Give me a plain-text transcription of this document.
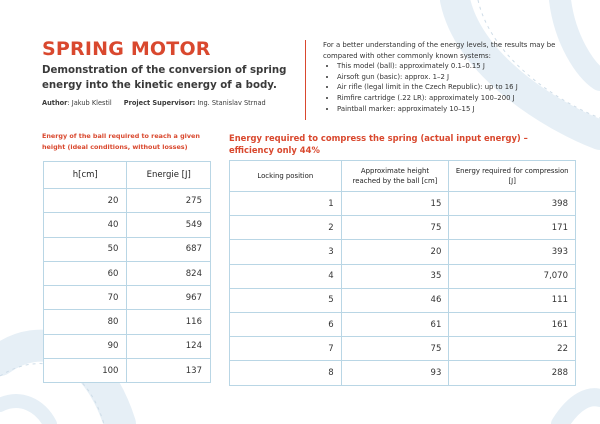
SPRING MOTOR

Demonstration of the conversion of spring energy into the kinetic energy of a body.

Author: Jakub Klestil Project Supervisor: Ing. Stanislav Strnad

For a better understanding of the energy levels, the results may be compared with other commonly known systems:

• This model (ball): approximately 0.1–0.15 J
• Airsoft gun (basic): approx. 1–2 J
• Air rifle (legal limit in the Czech Republic): up to 16 J
• Rimfire cartridge (.22 LR): approximately 100–200 J
• Paintball marker: approximately 10–15 J
Energy of the ball required to reach a given height (ideal conditions, without losses)
Energy required to compress the spring (actual input energy) – efficiency only 44%
h[cm]	Energie [J]
20	275
40	549
50	687
60	824
70	967
80	116
90	124
100	137
Locking position	Approximate height reached by the ball [cm]	Energy required for compression [J]
1	15	398
2	75	171
3	20	393
4	35	7,070
5	46	111
6	61	161
7	75	22
8	93	288
